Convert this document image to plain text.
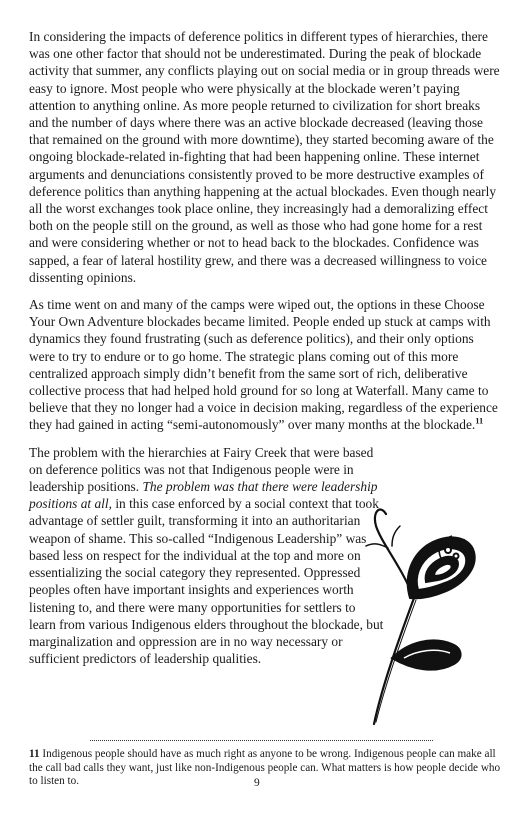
In considering the impacts of deference politics in different types of hierarchies, there was one other factor that should not be underestimated. During the peak of blockade activity that summer, any conflicts playing out on social media or in group threads were easy to ignore. Most people who were physically at the blockade weren’t paying attention to anything online. As more people returned to civilization for short breaks and the number of days where there was an active blockade decreased (leaving those that remained on the ground with more downtime), they started becoming aware of the ongoing blockade-related in-fighting that had been happening online. These internet arguments and denunciations consistently proved to be more destructive examples of deference politics than anything happening at the actual blockades. Even though nearly all the worst exchanges took place online, they increasingly had a demoralizing effect both on the people still on the ground, as well as those who had gone home for a rest and were considering whether or not to head back to the blockades. Confidence was sapped, a fear of lateral hostility grew, and there was a decreased willingness to voice dissenting opinions.

As time went on and many of the camps were wiped out, the options in these Choose Your Own Adventure blockades became limited. People ended up stuck at camps with dynamics they found frustrating (such as deference politics), and their only options were to try to endure or to go home. The strategic plans coming out of this more centralized approach simply didn’t benefit from the same sort of rich, deliberative collective process that had helped hold ground for so long at Waterfall. Many came to believe that they no longer had a voice in decision making, regardless of the experience they had gained in acting “semi-autonomously” over many months at the blockade.$^{11}$

The problem with the hierarchies at Fairy Creek that were based on deference politics was not that Indigenous people were in leadership positions. The problem was that there were leadership positions at all, in this case enforced by a social context that took advantage of settler guilt, transforming it into an authoritarian weapon of shame. This so-called “Indigenous Leadership” was based less on respect for the individual at the top and more on essentializing the social category they represented. Oppressed peoples often have important insights and experiences worth listening to, and there were many opportunities for settlers to learn from various Indigenous elders throughout the blockade, but marginalization and oppression are in no way necessary or sufficient predictors of leadership qualities.

11 Indigenous people should have as much right as anyone to be wrong. Indigenous people can make all the call bad calls they want, just like non-Indigenous people can. What matters is how people decide who to listen to.	9
